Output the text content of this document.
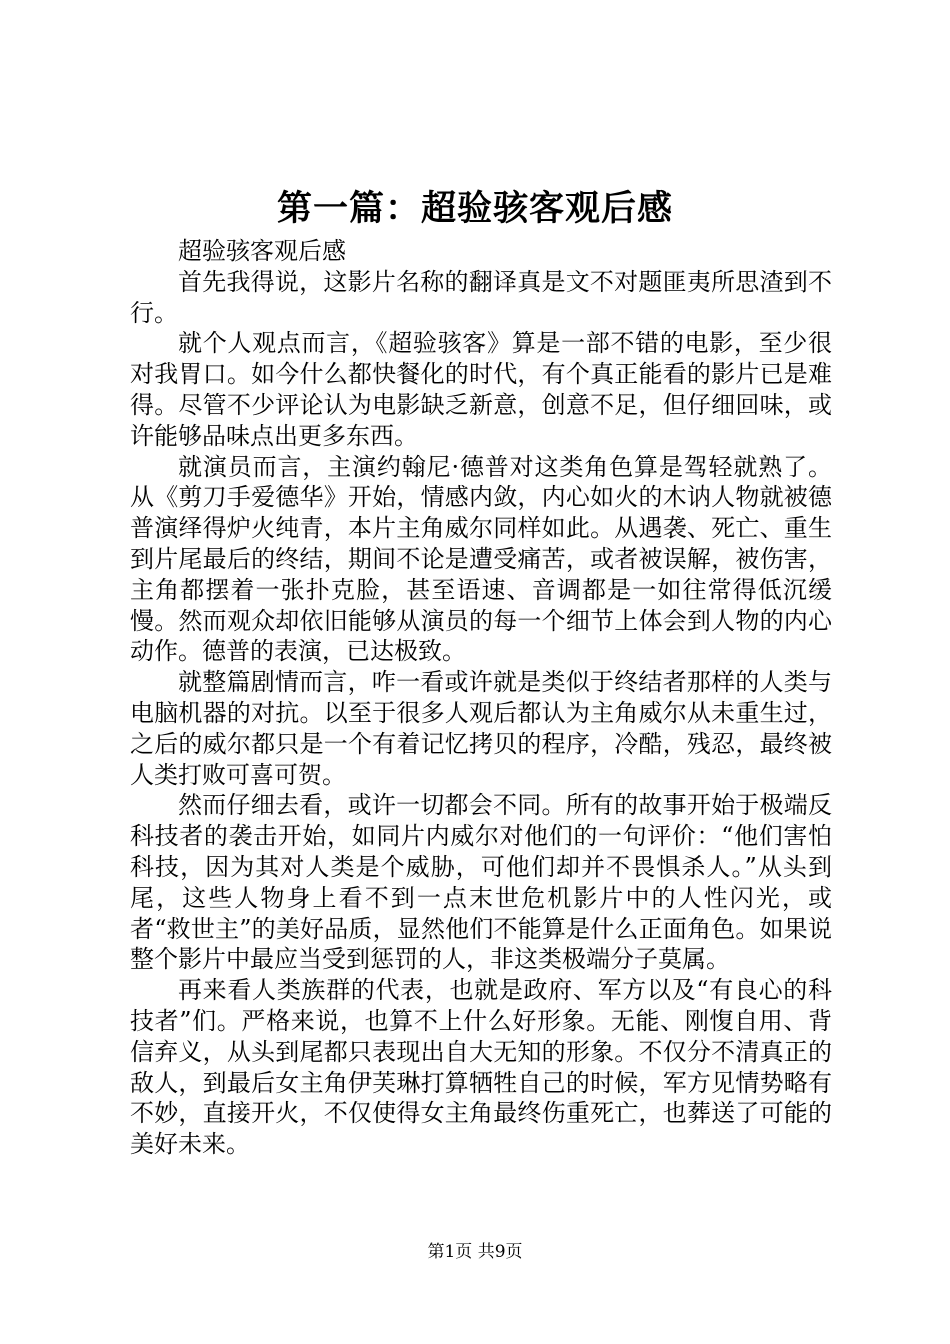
第一篇：超验骇客观后感

超验骇客观后感

首先我得说，这影片名称的翻译真是文不对题匪夷所思渣到不行。

就个人观点而言，《超验骇客》算是一部不错的电影，至少很对我胃口。如今什么都快餐化的时代，有个真正能看的影片已是难得。尽管不少评论认为电影缺乏新意，创意不足，但仔细回味，或许能够品味点出更多东西。

就演员而言，主演约翰尼·德普对这类角色算是驾轻就熟了。从《剪刀手爱德华》开始，情感内敛，内心如火的木讷人物就被德普演绎得炉火纯青，本片主角威尔同样如此。从遇袭、死亡、重生到片尾最后的终结，期间不论是遭受痛苦，或者被误解，被伤害，主角都摆着一张扑克脸，甚至语速、音调都是一如往常得低沉缓慢。然而观众却依旧能够从演员的每一个细节上体会到人物的内心动作。德普的表演，已达极致。

就整篇剧情而言，咋一看或许就是类似于终结者那样的人类与电脑机器的对抗。以至于很多人观后都认为主角威尔从未重生过，之后的威尔都只是一个有着记忆拷贝的程序，冷酷，残忍，最终被人类打败可喜可贺。

然而仔细去看，或许一切都会不同。所有的故事开始于极端反科技者的袭击开始，如同片内威尔对他们的一句评价：“他们害怕科技，因为其对人类是个威胁，可他们却并不畏惧杀人。”从头到尾，这些人物身上看不到一点末世危机影片中的人性闪光，或者“救世主”的美好品质，显然他们不能算是什么正面角色。如果说整个影片中最应当受到惩罚的人，非这类极端分子莫属。

再来看人类族群的代表，也就是政府、军方以及“有良心的科技者”们。严格来说，也算不上什么好形象。无能、刚愎自用、背信弃义，从头到尾都只表现出自大无知的形象。不仅分不清真正的敌人，到最后女主角伊芙琳打算牺牲自己的时候，军方见情势略有不妙，直接开火，不仅使得女主角最终伤重死亡，也葬送了可能的美好未来。

第1页 共9页
